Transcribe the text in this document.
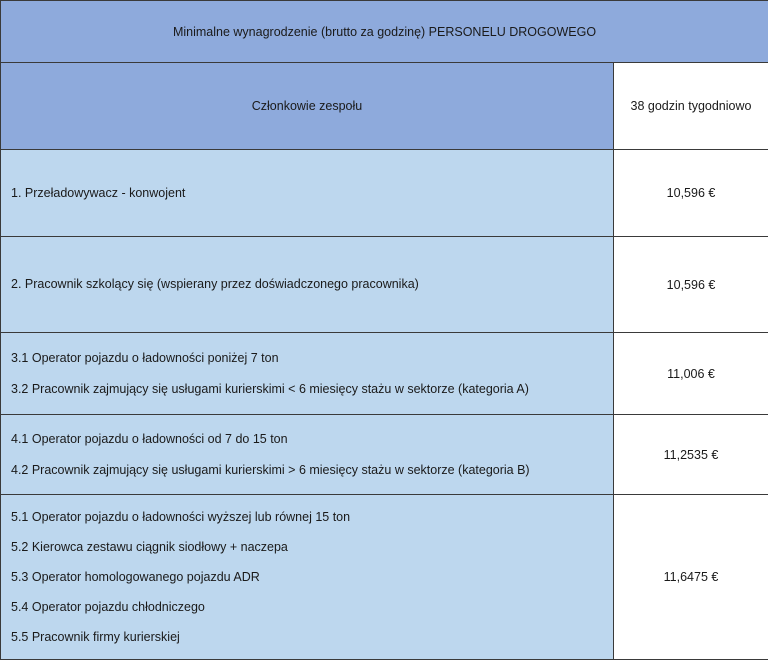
Minimalne wynagrodzenie (brutto za godzinę) PERSONELU DROGOWEGO	
Członkowie zespołu	38 godzin tygodniowo

1. Przeładowywacz - konwojent	10,596 €

2. Pracownik szkolący się (wspierany przez doświadczonego pracownika)	10,596 €

3.1 Operator pojazdu o ładowności poniżej 7 ton
3.2 Pracownik zajmujący się usługami kurierskimi < 6 miesięcy stażu w sektorze (kategoria A)	11,006 €

4.1 Operator pojazdu o ładowności od 7 do 15 ton
4.2 Pracownik zajmujący się usługami kurierskimi > 6 miesięcy stażu w sektorze (kategoria B)	11,2535 €

5.1 Operator pojazdu o ładowności wyższej lub równej 15 ton
5.2 Kierowca zestawu ciągnik siodłowy + naczepa
5.3 Operator homologowanego pojazdu ADR
5.4 Operator pojazdu chłodniczego
5.5 Pracownik firmy kurierskiej	11,6475 €
